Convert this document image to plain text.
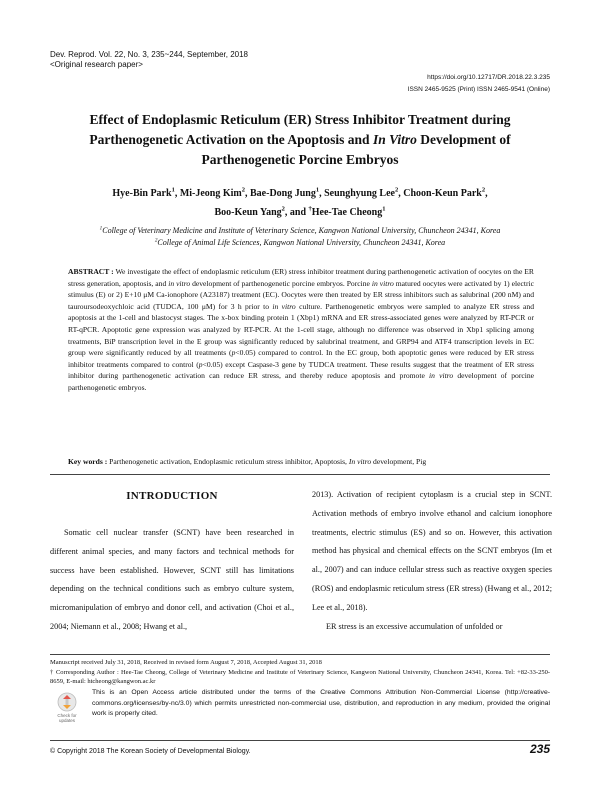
Dev. Reprod. Vol. 22, No. 3, 235~244, September, 2018
<Original research paper>
https://doi.org/10.12717/DR.2018.22.3.235
ISSN 2465-9525 (Print) ISSN 2465-9541 (Online)
Effect of Endoplasmic Reticulum (ER) Stress Inhibitor Treatment during Parthenogenetic Activation on the Apoptosis and In Vitro Development of Parthenogenetic Porcine Embryos
Hye-Bin Park$^1$, Mi-Jeong Kim$^2$, Bae-Dong Jung$^1$, Seunghyung Lee$^2$, Choon-Keun Park$^2$,
Boo-Keun Yang$^2$, and †Hee-Tae Cheong$^1$
$^1$College of Veterinary Medicine and Institute of Veterinary Science, Kangwon National University, Chuncheon 24341, Korea
$^2$College of Animal Life Sciences, Kangwon National University, Chuncheon 24341, Korea
ABSTRACT : We investigate the effect of endoplasmic reticulum (ER) stress inhibitor treatment during parthenogenetic activation of oocytes on the ER stress generation, apoptosis, and in vitro development of parthenogenetic porcine embryos. Porcine in vitro matured oocytes were activated by 1) electric stimulus (E) or 2) E+10 μM Ca-ionophore (A23187) treatment (EC). Oocytes were then treated by ER stress inhibitors such as salubrinal (200 nM) and tauroursodeoxychloic acid (TUDCA, 100 μM) for 3 h prior to in vitro culture. Parthenogenetic embryos were sampled to analyze ER stress and apoptosis at the 1-cell and blastocyst stages. The x-box binding protein 1 (Xbp1) mRNA and ER stress-associated genes were analyzed by RT-PCR or RT-qPCR. Apoptotic gene expression was analyzed by RT-PCR. At the 1-cell stage, although no difference was observed in Xbp1 splicing among treatments, BiP transcription level in the E group was significantly reduced by salubrinal treatment, and GRP94 and ATF4 transcription levels in EC group were significantly reduced by all treatments (p<0.05) compared to control. In the EC group, both apoptotic genes were reduced by ER stress inhibitor treatments compared to control (p<0.05) except Caspase-3 gene by TUDCA treatment. These results suggest that the treatment of ER stress inhibitor during parthenogenetic activation can reduce ER stress, and thereby reduce apoptosis and promote in vitro development of porcine parthenogenetic embryos.
Key words : Parthenogenetic activation, Endoplasmic reticulum stress inhibitor, Apoptosis, In vitro development, Pig
INTRODUCTION

Somatic cell nuclear transfer (SCNT) have been researched in different animal species, and many factors and technical methods for success have been established. However, SCNT still has limitations depending on the technical conditions such as embryo culture system, micromanipulation of embryo and donor cell, and activation (Choi et al., 2004; Niemann et al., 2008; Hwang et al.,

2013). Activation of recipient cytoplasm is a crucial step in SCNT. Activation methods of embryo involve ethanol and calcium ionophore treatments, electric stimulus (ES) and so on. However, this activation method has physical and chemical effects on the SCNT embryos (Im et al., 2007) and can induce cellular stress such as reactive oxygen species (ROS) and endoplasmic reticulum stress (ER stress) (Hwang et al., 2012; Lee et al., 2018).

ER stress is an excessive accumulation of unfolded or

Manuscript received July 31, 2018, Received in revised form August 7, 2018, Accepted August 31, 2018
† Corresponding Author : Hee-Tae Cheong, College of Veterinary Medicine and Institute of Veterinary Science, Kangwon National University, Chuncheon 24341, Korea. Tel: +82-33-250-8659, E-mail: htcheong@kangwon.ac.kr
Check for
updates
This is an Open Access article distributed under the terms of the Creative Commons Attribution Non-Commercial License (http://creative-commons.org/licenses/by-nc/3.0) which permits unrestricted non-commercial use, distribution, and reproduction in any medium, provided the original work is properly cited.
© Copyright 2018 The Korean Society of Developmental Biology.	235
